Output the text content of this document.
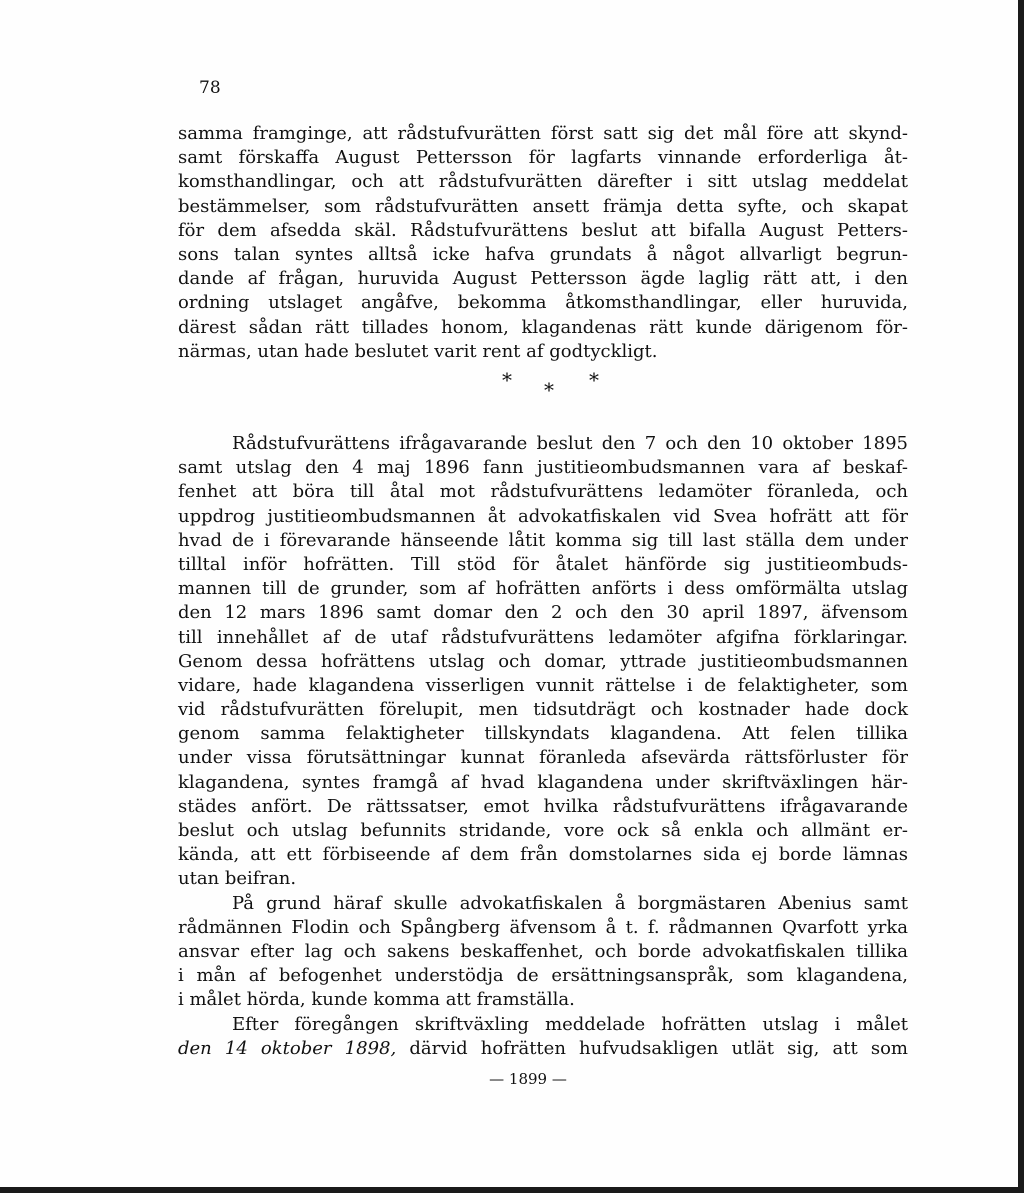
78
samma framginge, att rådstufvurätten först satt sig det mål före att skynd-
samt förskaffa August Pettersson för lagfarts vinnande erforderliga åt-
komsthandlingar, och att rådstufvurätten därefter i sitt utslag meddelat
bestämmelser, som rådstufvurätten ansett främja detta syfte, och skapat
för dem afsedda skäl. Rådstufvurättens beslut att bifalla August Petters-
sons talan syntes alltså icke hafva grundats å något allvarligt begrun-
dande af frågan, huruvida August Pettersson ägde laglig rätt att, i den
ordning utslaget angåfve, bekomma åtkomsthandlingar, eller huruvida,
därest sådan rätt tillades honom, klagandenas rätt kunde därigenom för-
närmas, utan hade beslutet varit rent af godtyckligt.
* * *
Rådstufvurättens ifrågavarande beslut den 7 och den 10 oktober 1895
samt utslag den 4 maj 1896 fann justitieombudsmannen vara af beskaf-
fenhet att böra till åtal mot rådstufvurättens ledamöter föranleda, och
uppdrog justitieombudsmannen åt advokatfiskalen vid Svea hofrätt att för
hvad de i förevarande hänseende låtit komma sig till last ställa dem under
tilltal inför hofrätten. Till stöd för åtalet hänförde sig justitieombuds-
mannen till de grunder, som af hofrätten anförts i dess omförmälta utslag
den 12 mars 1896 samt domar den 2 och den 30 april 1897, äfvensom
till innehållet af de utaf rådstufvurättens ledamöter afgifna förklaringar.
Genom dessa hofrättens utslag och domar, yttrade justitieombudsmannen
vidare, hade klagandena visserligen vunnit rättelse i de felaktigheter, som
vid rådstufvurätten förelupit, men tidsutdrägt och kostnader hade dock
genom samma felaktigheter tillskyndats klagandena. Att felen tillika
under vissa förutsättningar kunnat föranleda afsevärda rättsförluster för
klagandena, syntes framgå af hvad klagandena under skriftväxlingen här-
städes anfört. De rättssatser, emot hvilka rådstufvurättens ifrågavarande
beslut och utslag befunnits stridande, vore ock så enkla och allmänt er-
kända, att ett förbiseende af dem från domstolarnes sida ej borde lämnas
utan beifran.
På grund häraf skulle advokatfiskalen å borgmästaren Abenius samt
rådmännen Flodin och Spångberg äfvensom å t. f. rådmannen Qvarfott yrka
ansvar efter lag och sakens beskaffenhet, och borde advokatfiskalen tillika
i mån af befogenhet understödja de ersättningsanspråk, som klagandena,
i målet hörda, kunde komma att framställa.
Efter föregången skriftväxling meddelade hofrätten utslag i målet
den 14 oktober 1898, därvid hofrätten hufvudsakligen utlät sig, att som
— 1899 —
